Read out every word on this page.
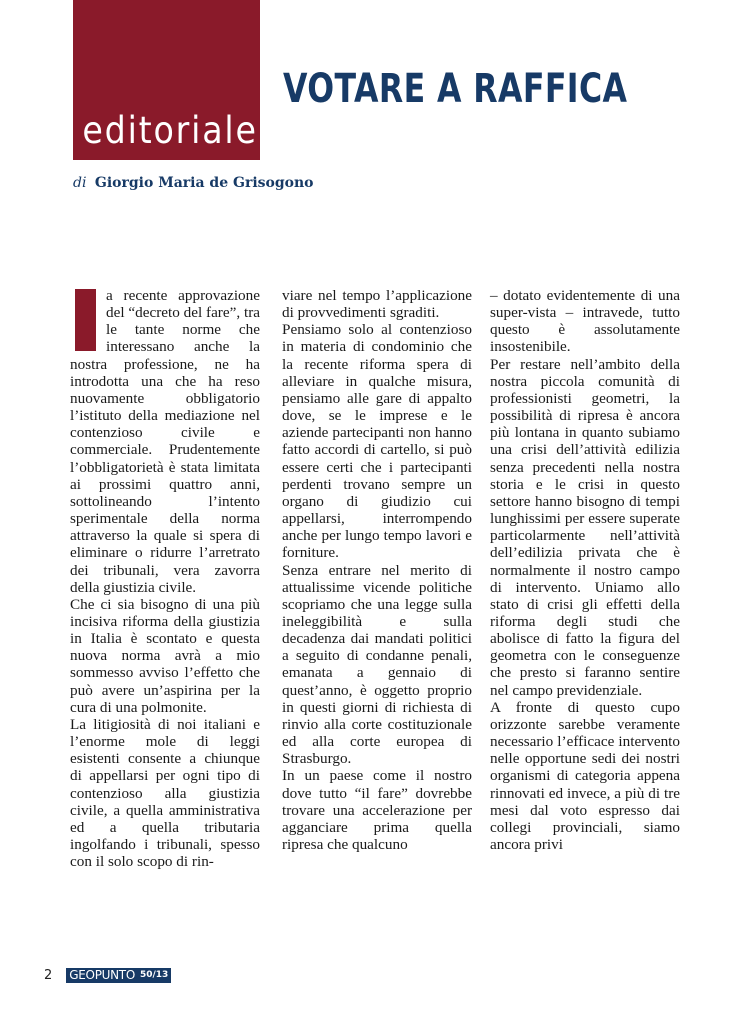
editoriale
VOTARE A RAFFICA
di Giorgio Maria de Grisogono

a recente approvazione del “decreto del fare”, tra le tante norme che interessano anche la nostra professione, ne ha introdotta una che ha reso nuovamente obbligatorio l’istituto della mediazione nel contenzioso civile e commerciale. Prudentemente l’obbligatorietà è stata limitata ai prossimi quattro anni, sottolineando l’intento sperimentale della norma attraverso la quale si spera di eliminare o ridurre l’arretrato dei tribunali, vera zavorra della giustizia civile.

Che ci sia bisogno di una più incisiva riforma della giustizia in Italia è scontato e questa nuova norma avrà a mio sommesso avviso l’effetto che può avere un’aspirina per la cura di una polmonite.

La litigiosità di noi italiani e l’enorme mole di leggi esistenti consente a chiunque di appellarsi per ogni tipo di contenzioso alla giustizia civile, a quella amministrativa ed a quella tributaria ingolfando i tribunali, spesso con il solo scopo di rin-

viare nel tempo l’applicazione di provvedimenti sgraditi.

Pensiamo solo al contenzioso in materia di condominio che la recente riforma spera di alleviare in qualche misura, pensiamo alle gare di appalto dove, se le imprese e le aziende partecipanti non hanno fatto accordi di cartello, si può essere certi che i partecipanti perdenti trovano sempre un organo di giudizio cui appellarsi, interrompendo anche per lungo tempo lavori e forniture.

Senza entrare nel merito di attualissime vicende politiche scopriamo che una legge sulla ineleggibilità e sulla decadenza dai mandati politici a seguito di condanne penali, emanata a gennaio di quest’anno, è oggetto proprio in questi giorni di richiesta di rinvio alla corte costituzionale ed alla corte europea di Strasburgo.

In un paese come il nostro dove tutto “il fare” dovrebbe trovare una accelerazione per agganciare prima quella ripresa che qualcuno

– dotato evidentemente di una super-vista – intravede, tutto questo è assolutamente insostenibile.

Per restare nell’ambito della nostra piccola comunità di professionisti geometri, la possibilità di ripresa è ancora più lontana in quanto subiamo una crisi dell’attività edilizia senza precedenti nella nostra storia e le crisi in questo settore hanno bisogno di tempi lunghissimi per essere superate particolarmente nell’attività dell’edilizia privata che è normalmente il nostro campo di intervento. Uniamo allo stato di crisi gli effetti della riforma degli studi che abolisce di fatto la figura del geometra con le conseguenze che presto si faranno sentire nel campo previdenziale.

A fronte di questo cupo orizzonte sarebbe veramente necessario l’efficace intervento nelle opportune sedi dei nostri organismi di categoria appena rinnovati ed invece, a più di tre mesi dal voto espresso dai collegi provinciali, siamo ancora privi

2 GEOPUNTO 50/13
